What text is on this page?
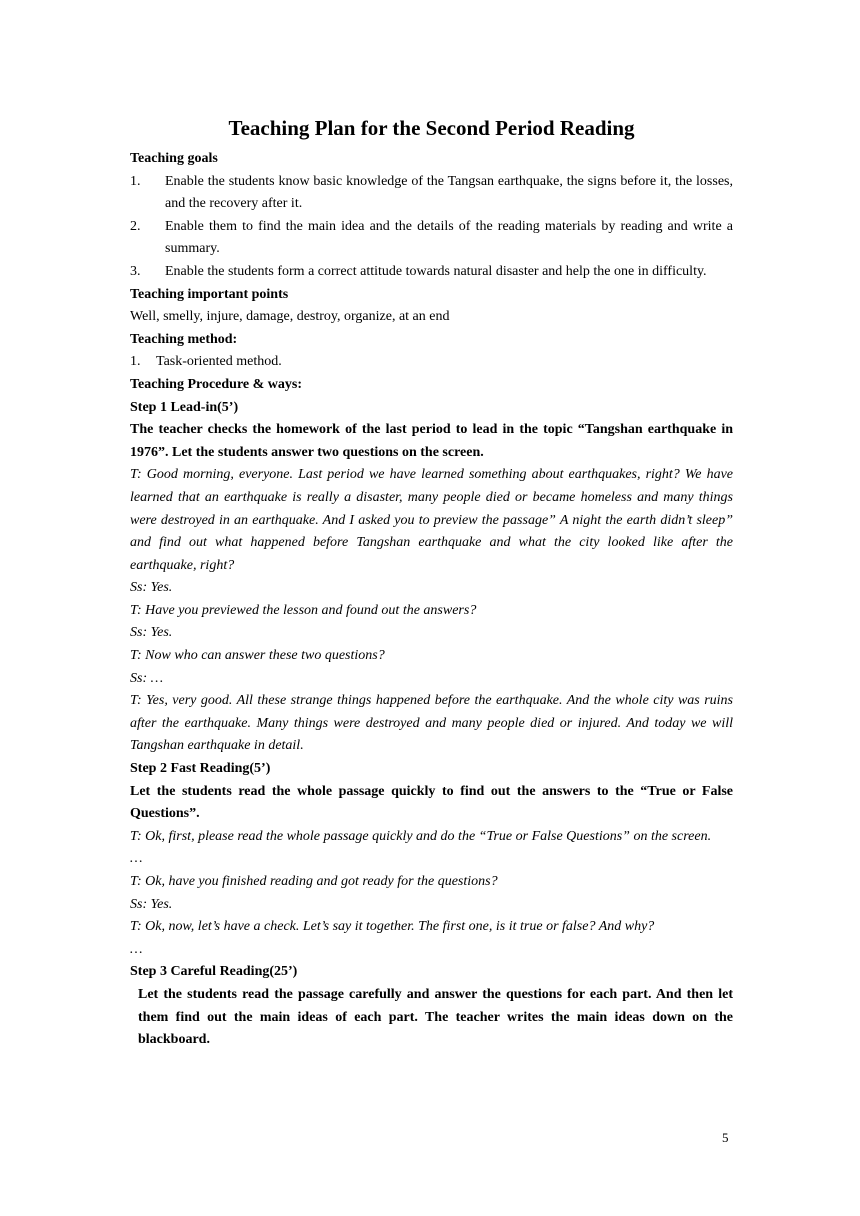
Teaching Plan for the Second Period Reading

Teaching goals

1.	Enable the students know basic knowledge of the Tangsan earthquake, the signs before it, the losses, and the recovery after it.
2.	Enable them to find the main idea and the details of the reading materials by reading and write a summary.
3.	Enable the students form a correct attitude towards natural disaster and help the one in difficulty.

Teaching important points

Well, smelly, injure, damage, destroy, organize, at an end

Teaching method:

1.	Task-oriented method.

Teaching Procedure & ways:

Step 1 Lead-in(5’)

The teacher checks the homework of the last period to lead in the topic “Tangshan earthquake in 1976”. Let the students answer two questions on the screen.

T: Good morning, everyone. Last period we have learned something about earthquakes, right? We have learned that an earthquake is really a disaster, many people died or became homeless and many things were destroyed in an earthquake. And I asked you to preview the passage” A night the earth didn’t sleep” and find out what happened before Tangshan earthquake and what the city looked like after the earthquake, right?

Ss: Yes.

T: Have you previewed the lesson and found out the answers?

Ss: Yes.

T: Now who can answer these two questions?

Ss: …

T: Yes, very good. All these strange things happened before the earthquake. And the whole city was ruins after the earthquake. Many things were destroyed and many people died or injured. And today we will Tangshan earthquake in detail.

Step 2 Fast Reading(5’)

Let the students read the whole passage quickly to find out the answers to the “True or False Questions”.

T: Ok, first, please read the whole passage quickly and do the “True or False Questions” on the screen.

…

T: Ok, have you finished reading and got ready for the questions?

Ss: Yes.

T: Ok, now, let’s have a check. Let’s say it together. The first one, is it true or false? And why?

…

Step 3 Careful Reading(25’)

Let the students read the passage carefully and answer the questions for each part. And then let them find out the main ideas of each part. The teacher writes the main ideas down on the blackboard.

5
